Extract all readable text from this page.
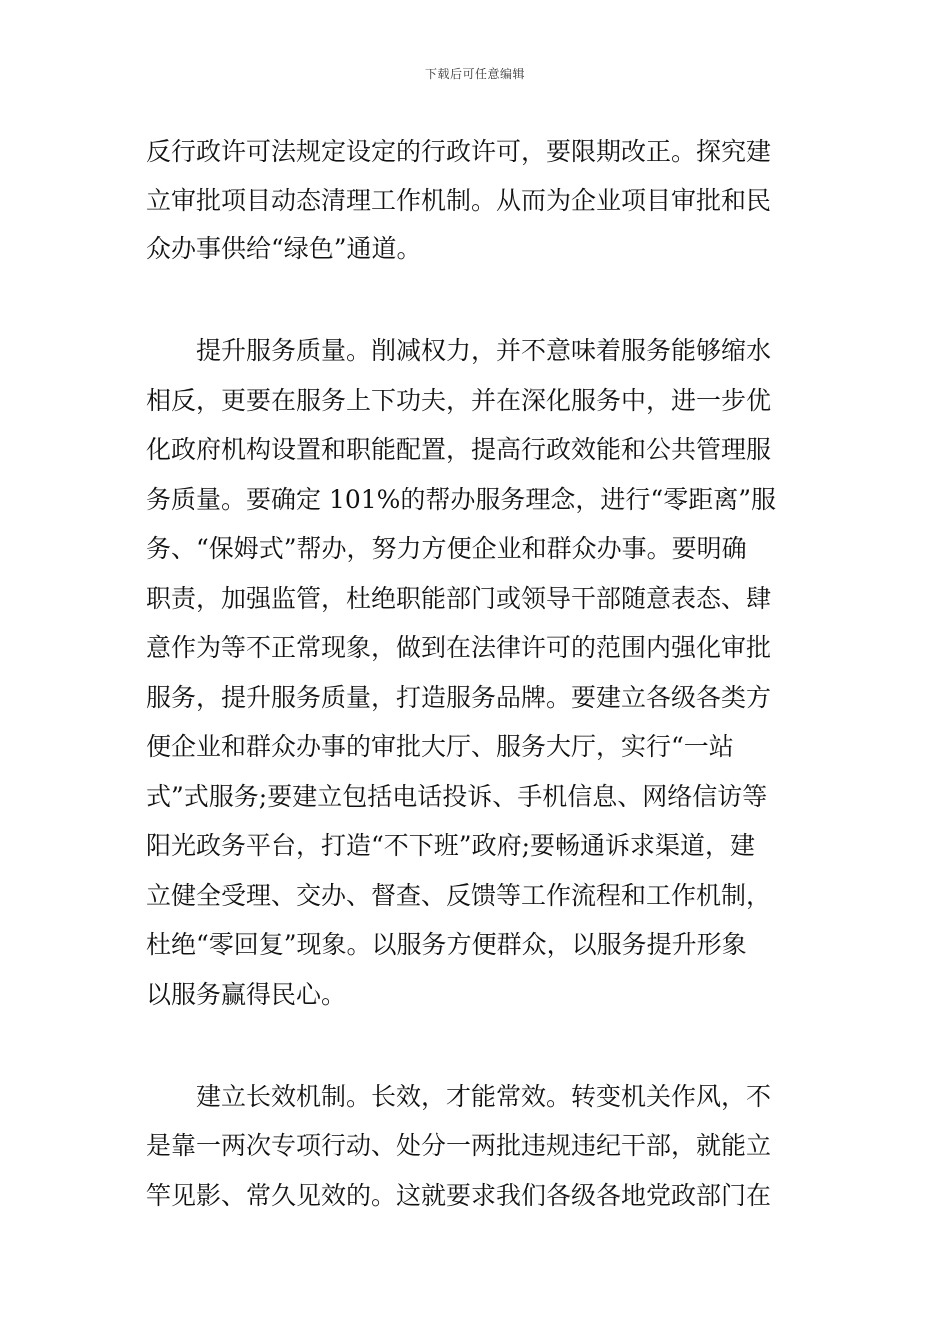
下载后可任意编辑
反行政许可法规定设定的行政许可，要限期改正。探究建
立审批项目动态清理工作机制。从而为企业项目审批和民
众办事供给“绿色”通道。
提升服务质量。削减权力，并不意味着服务能够缩水
相反，更要在服务上下功夫，并在深化服务中，进一步优
化政府机构设置和职能配置，提高行政效能和公共管理服
务质量。要确定 101%的帮办服务理念，进行“零距离”服
务、“保姆式”帮办，努力方便企业和群众办事。要明确
职责，加强监管，杜绝职能部门或领导干部随意表态、肆
意作为等不正常现象，做到在法律许可的范围内强化审批
服务，提升服务质量，打造服务品牌。要建立各级各类方
便企业和群众办事的审批大厅、服务大厅，实行“一站
式”式服务;要建立包括电话投诉、手机信息、网络信访等
阳光政务平台，打造“不下班”政府;要畅通诉求渠道，建
立健全受理、交办、督查、反馈等工作流程和工作机制，
杜绝“零回复”现象。以服务方便群众，以服务提升形象
以服务赢得民心。
建立长效机制。长效，才能常效。转变机关作风，不
是靠一两次专项行动、处分一两批违规违纪干部，就能立
竿见影、常久见效的。这就要求我们各级各地党政部门在
